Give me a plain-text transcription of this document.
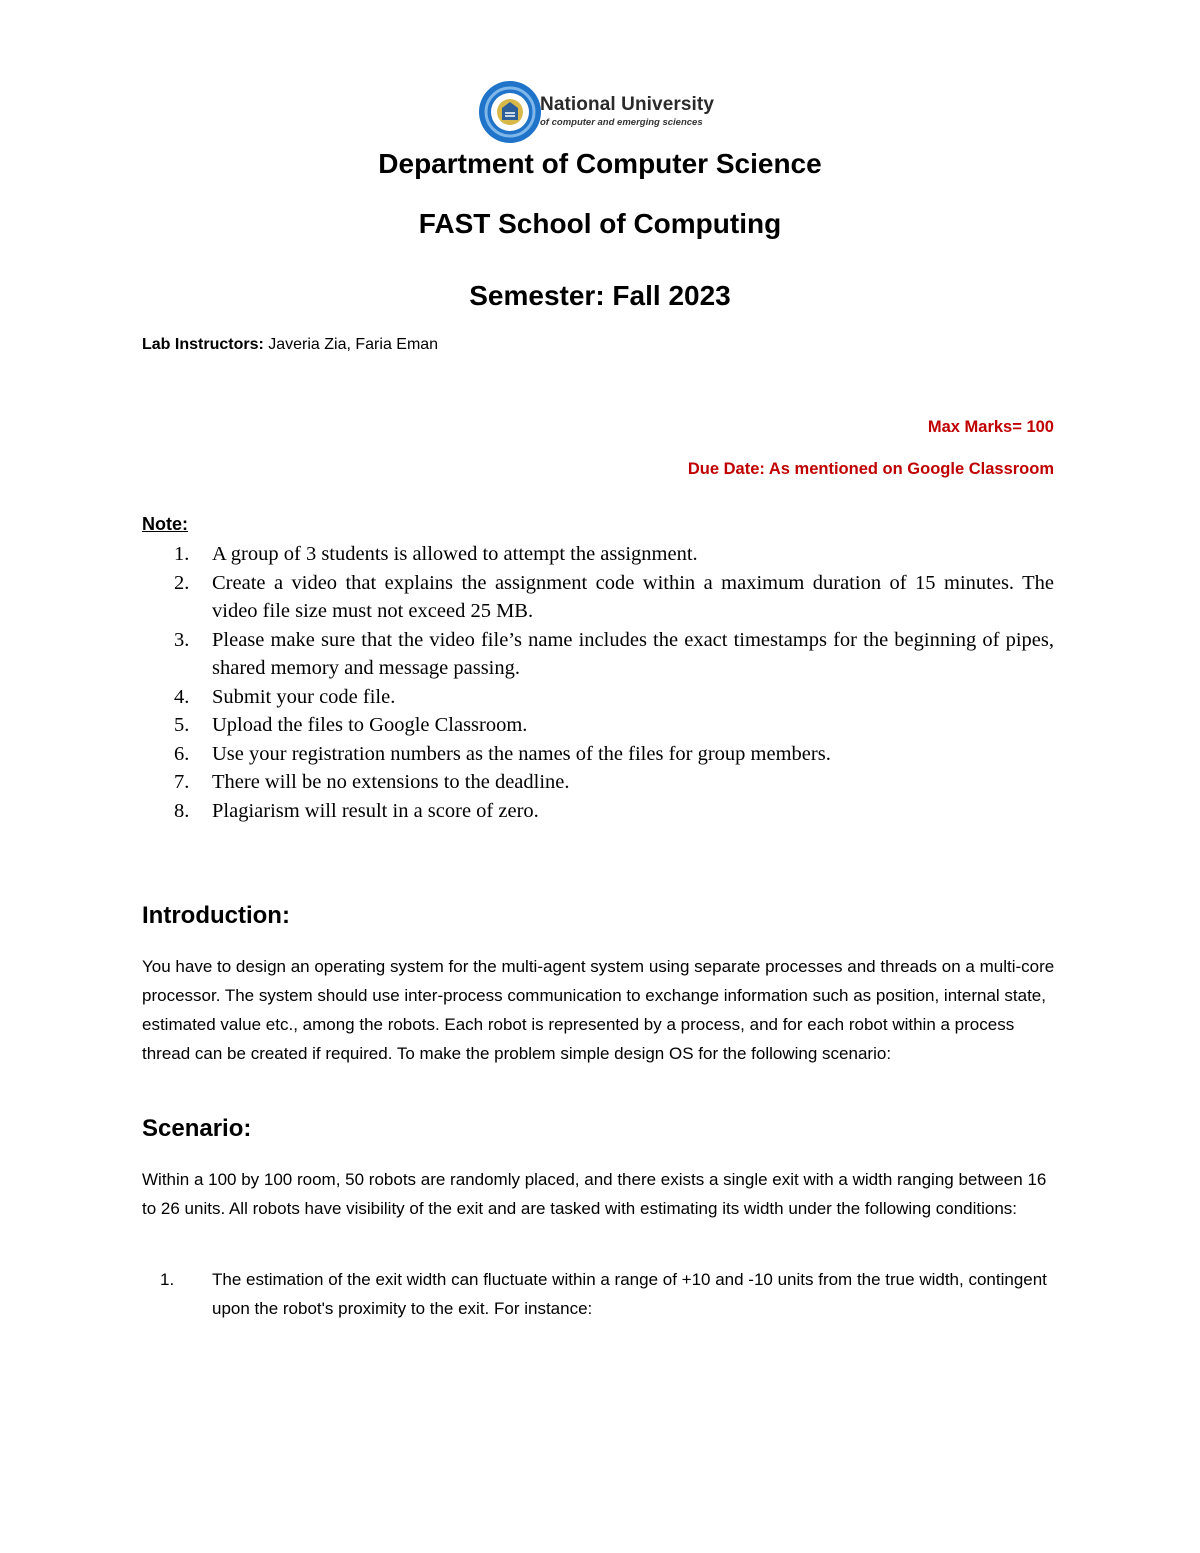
National University
of computer and emerging sciences
Department of Computer Science
FAST School of Computing
Semester: Fall 2023
Lab Instructors: Javeria Zia, Faria Eman
Max Marks= 100
Due Date: As mentioned on Google Classroom
Note:
1. A group of 3 students is allowed to attempt the assignment.
2. Create a video that explains the assignment code within a maximum duration of 15 minutes. The video file size must not exceed 25 MB.
3. Please make sure that the video file’s name includes the exact timestamps for the beginning of pipes, shared memory and message passing.
4. Submit your code file.
5. Upload the files to Google Classroom.
6. Use your registration numbers as the names of the files for group members.
7. There will be no extensions to the deadline.
8. Plagiarism will result in a score of zero.
Introduction:
You have to design an operating system for the multi-agent system using separate processes and threads on a multi-core processor. The system should use inter-process communication to exchange information such as position, internal state, estimated value etc., among the robots. Each robot is represented by a process, and for each robot within a process thread can be created if required. To make the problem simple design OS for the following scenario:
Scenario:
Within a 100 by 100 room, 50 robots are randomly placed, and there exists a single exit with a width ranging between 16 to 26 units. All robots have visibility of the exit and are tasked with estimating its width under the following conditions:
1. The estimation of the exit width can fluctuate within a range of +10 and -10 units from the true width, contingent upon the robot's proximity to the exit. For instance:
